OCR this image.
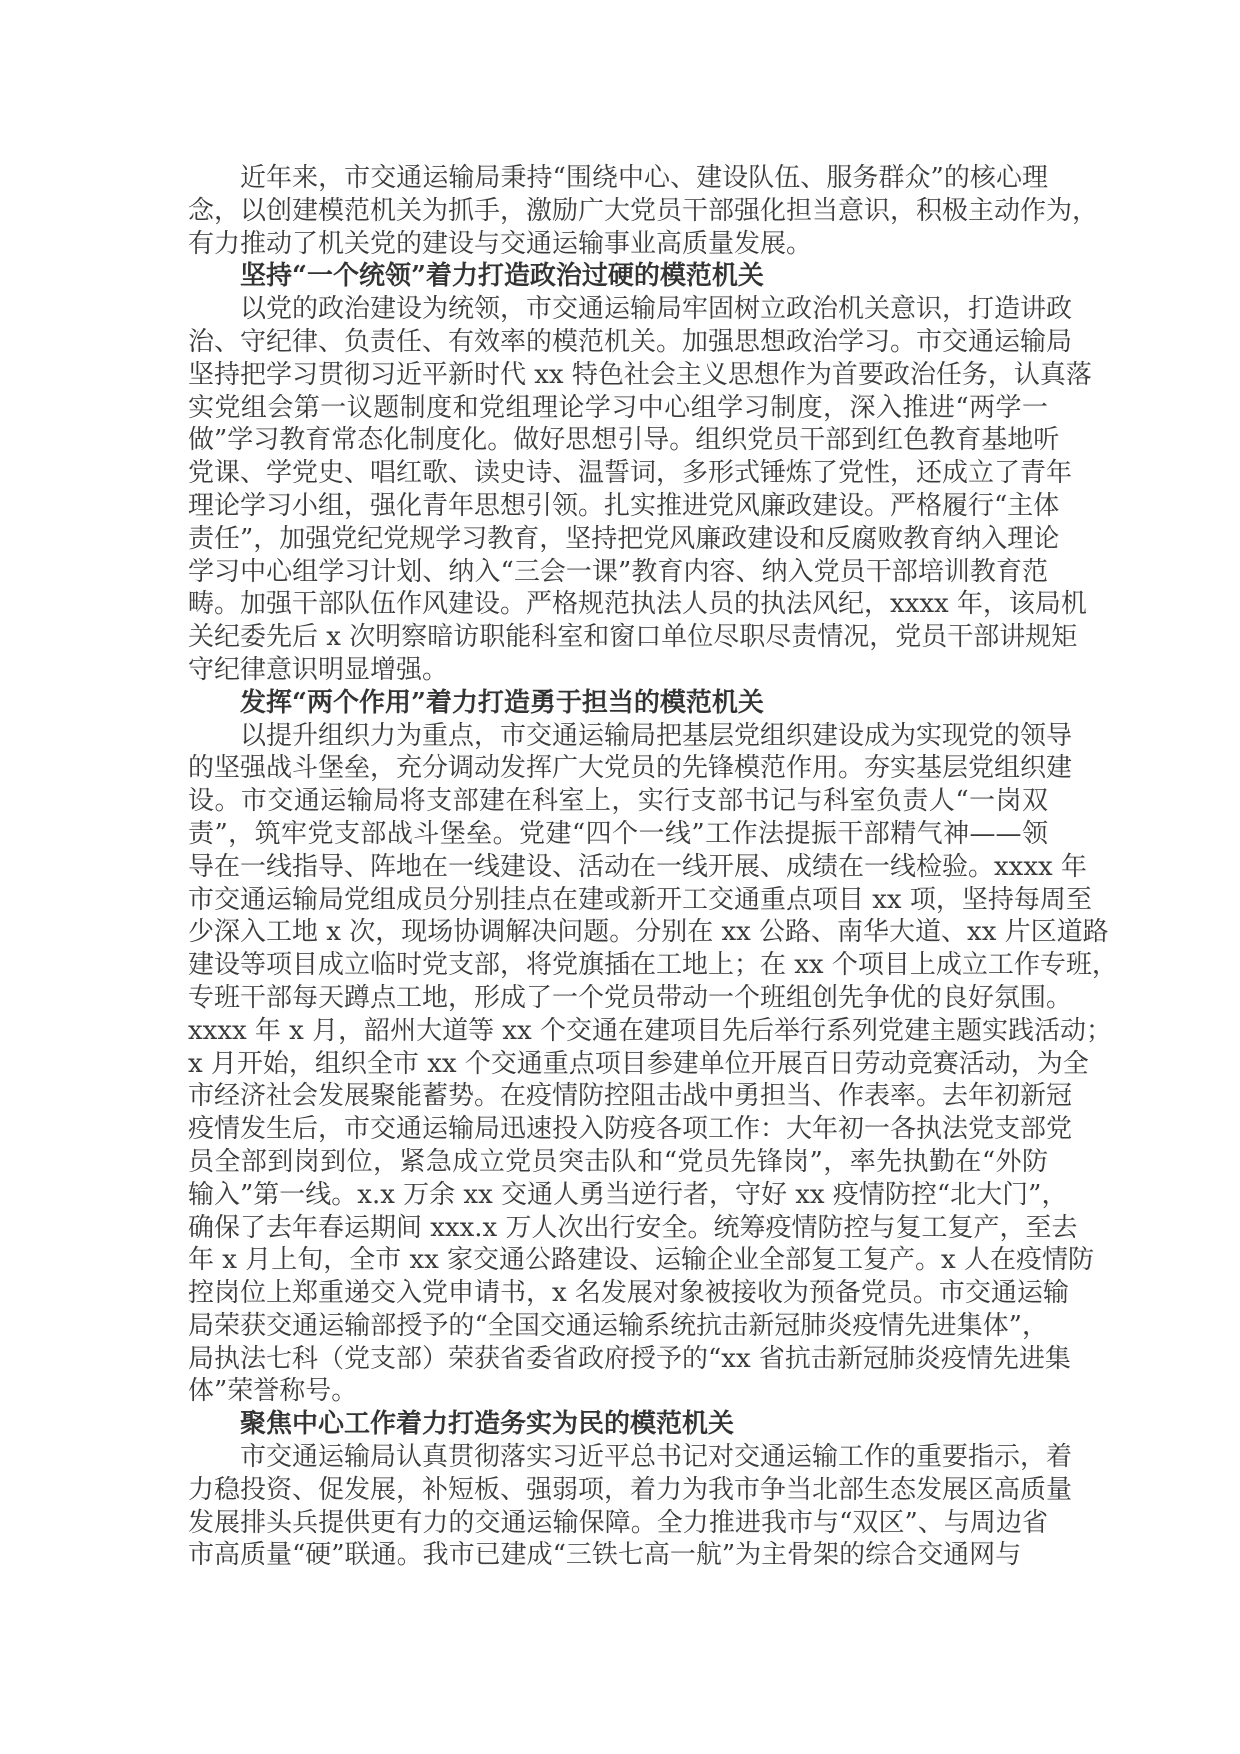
近年来，市交通运输局秉持“围绕中心、建设队伍、服务群众”的核心理
念，以创建模范机关为抓手，激励广大党员干部强化担当意识，积极主动作为，
有力推动了机关党的建设与交通运输事业高质量发展。
坚持“一个统领”着力打造政治过硬的模范机关
以党的政治建设为统领，市交通运输局牢固树立政治机关意识，打造讲政
治、守纪律、负责任、有效率的模范机关。加强思想政治学习。市交通运输局
坚持把学习贯彻习近平新时代 xx 特色社会主义思想作为首要政治任务，认真落
实党组会第一议题制度和党组理论学习中心组学习制度，深入推进“两学一
做”学习教育常态化制度化。做好思想引导。组织党员干部到红色教育基地听
党课、学党史、唱红歌、读史诗、温誓词，多形式锤炼了党性，还成立了青年
理论学习小组，强化青年思想引领。扎实推进党风廉政建设。严格履行“主体
责任”，加强党纪党规学习教育，坚持把党风廉政建设和反腐败教育纳入理论
学习中心组学习计划、纳入“三会一课”教育内容、纳入党员干部培训教育范
畴。加强干部队伍作风建设。严格规范执法人员的执法风纪，xxxx 年，该局机
关纪委先后 x 次明察暗访职能科室和窗口单位尽职尽责情况，党员干部讲规矩
守纪律意识明显增强。
发挥“两个作用”着力打造勇于担当的模范机关
以提升组织力为重点，市交通运输局把基层党组织建设成为实现党的领导
的坚强战斗堡垒，充分调动发挥广大党员的先锋模范作用。夯实基层党组织建
设。市交通运输局将支部建在科室上，实行支部书记与科室负责人“一岗双
责”，筑牢党支部战斗堡垒。党建“四个一线”工作法提振干部精气神——领
导在一线指导、阵地在一线建设、活动在一线开展、成绩在一线检验。xxxx 年
市交通运输局党组成员分别挂点在建或新开工交通重点项目 xx 项，坚持每周至
少深入工地 x 次，现场协调解决问题。分别在 xx 公路、南华大道、xx 片区道路
建设等项目成立临时党支部，将党旗插在工地上；在 xx 个项目上成立工作专班，
专班干部每天蹲点工地，形成了一个党员带动一个班组创先争优的良好氛围。
xxxx 年 x 月，韶州大道等 xx 个交通在建项目先后举行系列党建主题实践活动；
x 月开始，组织全市 xx 个交通重点项目参建单位开展百日劳动竞赛活动，为全
市经济社会发展聚能蓄势。在疫情防控阻击战中勇担当、作表率。去年初新冠
疫情发生后，市交通运输局迅速投入防疫各项工作：大年初一各执法党支部党
员全部到岗到位，紧急成立党员突击队和“党员先锋岗”，率先执勤在“外防
输入”第一线。x.x 万余 xx 交通人勇当逆行者，守好 xx 疫情防控“北大门”，
确保了去年春运期间 xxx.x 万人次出行安全。统筹疫情防控与复工复产，至去
年 x 月上旬，全市 xx 家交通公路建设、运输企业全部复工复产。x 人在疫情防
控岗位上郑重递交入党申请书，x 名发展对象被接收为预备党员。市交通运输
局荣获交通运输部授予的“全国交通运输系统抗击新冠肺炎疫情先进集体”，
局执法七科（党支部）荣获省委省政府授予的“xx 省抗击新冠肺炎疫情先进集
体”荣誉称号。
聚焦中心工作着力打造务实为民的模范机关
市交通运输局认真贯彻落实习近平总书记对交通运输工作的重要指示，着
力稳投资、促发展，补短板、强弱项，着力为我市争当北部生态发展区高质量
发展排头兵提供更有力的交通运输保障。全力推进我市与“双区”、与周边省
市高质量“硬”联通。我市已建成“三铁七高一航”为主骨架的综合交通网与
